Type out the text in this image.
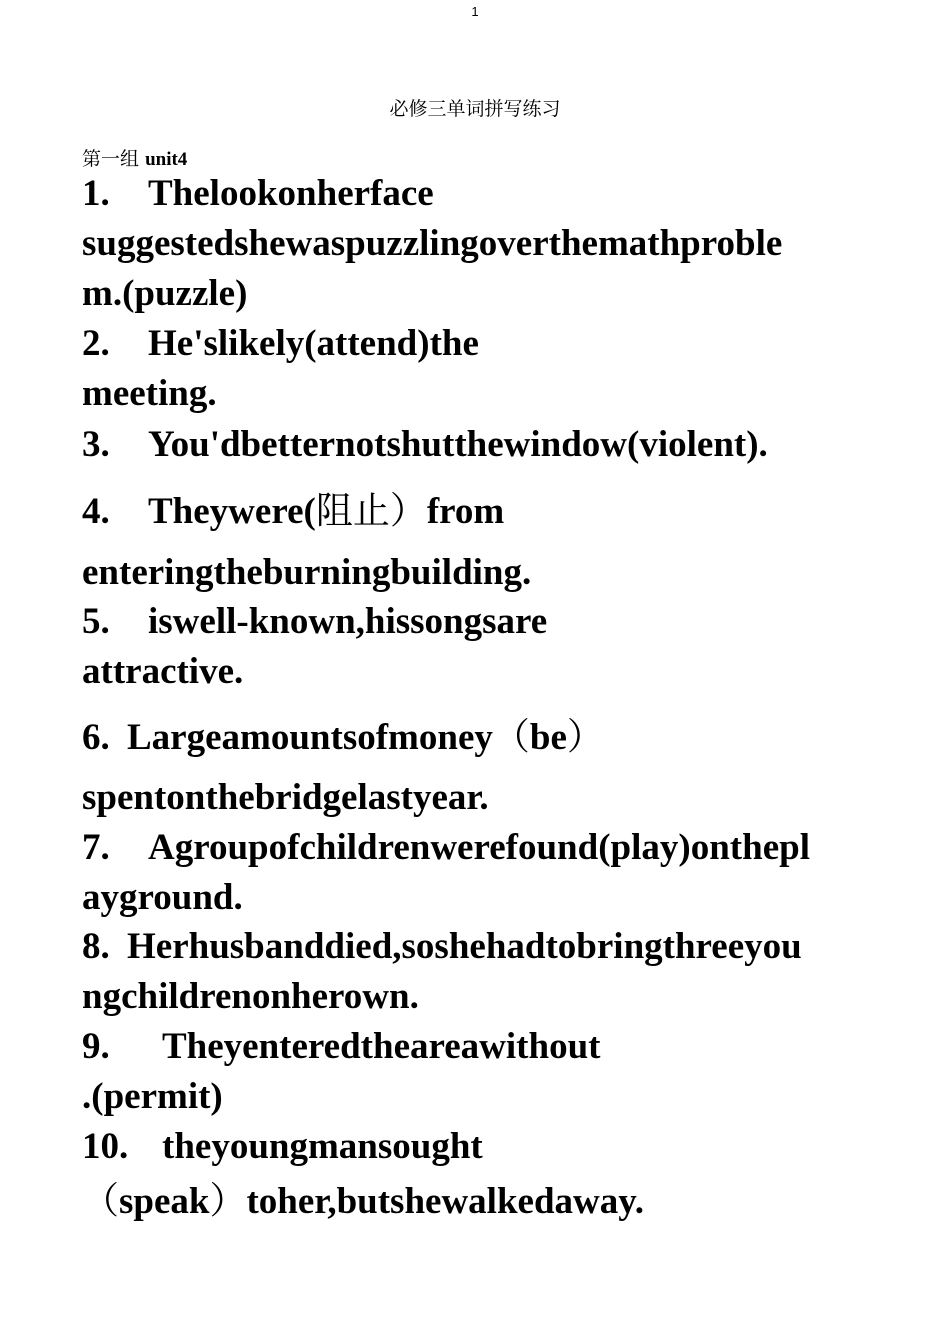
1
必修三单词拼写练习
第一组 unit4
1. Thelookonherface
suggestedshewaspuzzlingoverthemathproble
m.(puzzle)
2. He'slikely(attend)the
meeting.
3. You'dbetternotshutthewindow(violent).
4. Theywere(阻止）from
enteringtheburningbuilding.
5. iswell-known,hissongsare
attractive.
6. Largeamountsofmoney（be）
spentonthebridgelastyear.
7. Agroupofchildrenwerefound(play)onthepl
ayground.
8. Herhusbanddied,soshehadtobringthreeyou
ngchildrenonherown.
9. Theyenteredtheareawithout
.(permit)
10. theyoungmansought
（speak）toher,butshewalkedaway.
